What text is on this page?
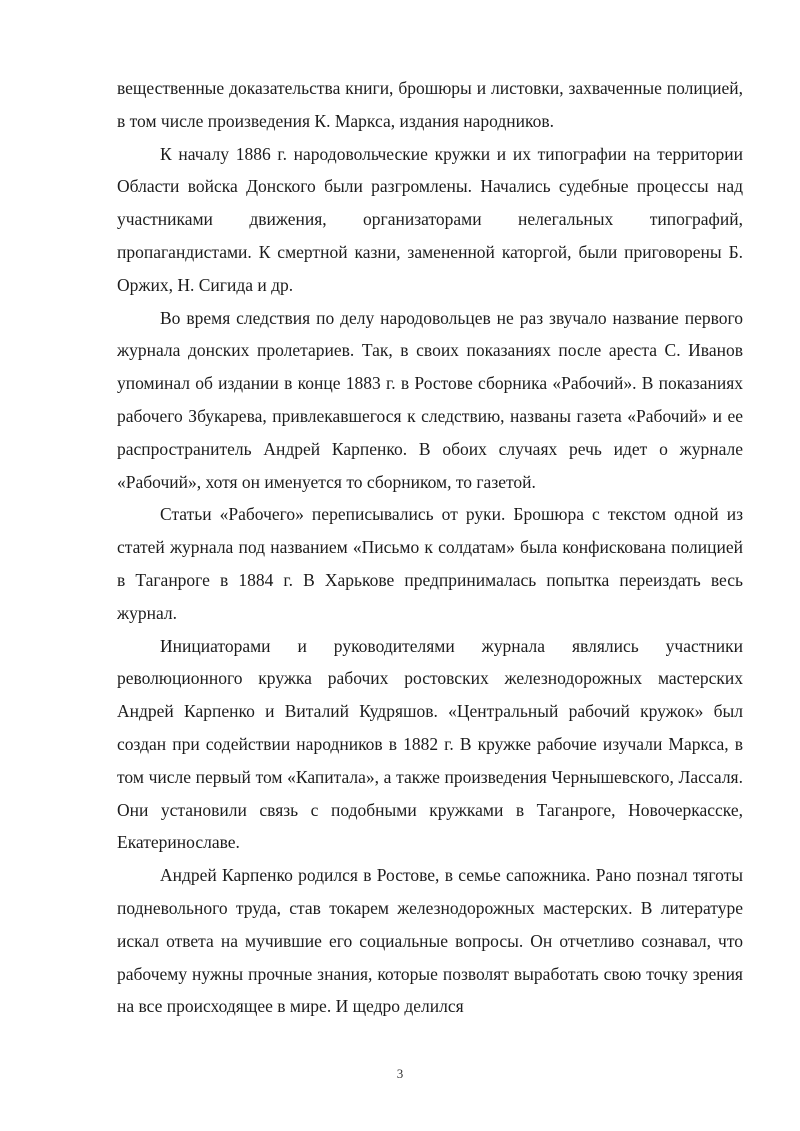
вещественные доказательства книги, брошюры и листовки, захваченные полицией, в том числе произведения К. Маркса, издания народников.

К началу 1886 г. народовольческие кружки и их типографии на территории Области войска Донского были разгромлены. Начались судебные процессы над участниками движения, организаторами нелегальных типографий, пропагандистами. К смертной казни, замененной каторгой, были приговорены Б. Оржих, Н. Сигида и др.

Во время следствия по делу народовольцев не раз звучало название первого журнала донских пролетариев. Так, в своих показаниях после ареста С. Иванов упоминал об издании в конце 1883 г. в Ростове сборника «Рабочий». В показаниях рабочего Збукарева, привлекавшегося к следствию, названы газета «Рабочий» и ее распространитель Андрей Карпенко. В обоих случаях речь идет о журнале «Рабочий», хотя он именуется то сборником, то газетой.

Статьи «Рабочего» переписывались от руки. Брошюра с текстом одной из статей журнала под названием «Письмо к солдатам» была конфискована полицией в Таганроге в 1884 г. В Харькове предпринималась попытка переиздать весь журнал.

Инициаторами и руководителями журнала являлись участники революционного кружка рабочих ростовских железнодорожных мастерских Андрей Карпенко и Виталий Кудряшов. «Центральный рабочий кружок» был создан при содействии народников в 1882 г. В кружке рабочие изучали Маркса, в том числе первый том «Капитала», а также произведения Чернышевского, Лассаля. Они установили связь с подобными кружками в Таганроге, Новочеркасске, Екатеринославе.

Андрей Карпенко родился в Ростове, в семье сапожника. Рано познал тяготы подневольного труда, став токарем железнодорожных мастерских. В литературе искал ответа на мучившие его социальные вопросы. Он отчетливо сознавал, что рабочему нужны прочные знания, которые позволят выработать свою точку зрения на все происходящее в мире. И щедро делился

3
